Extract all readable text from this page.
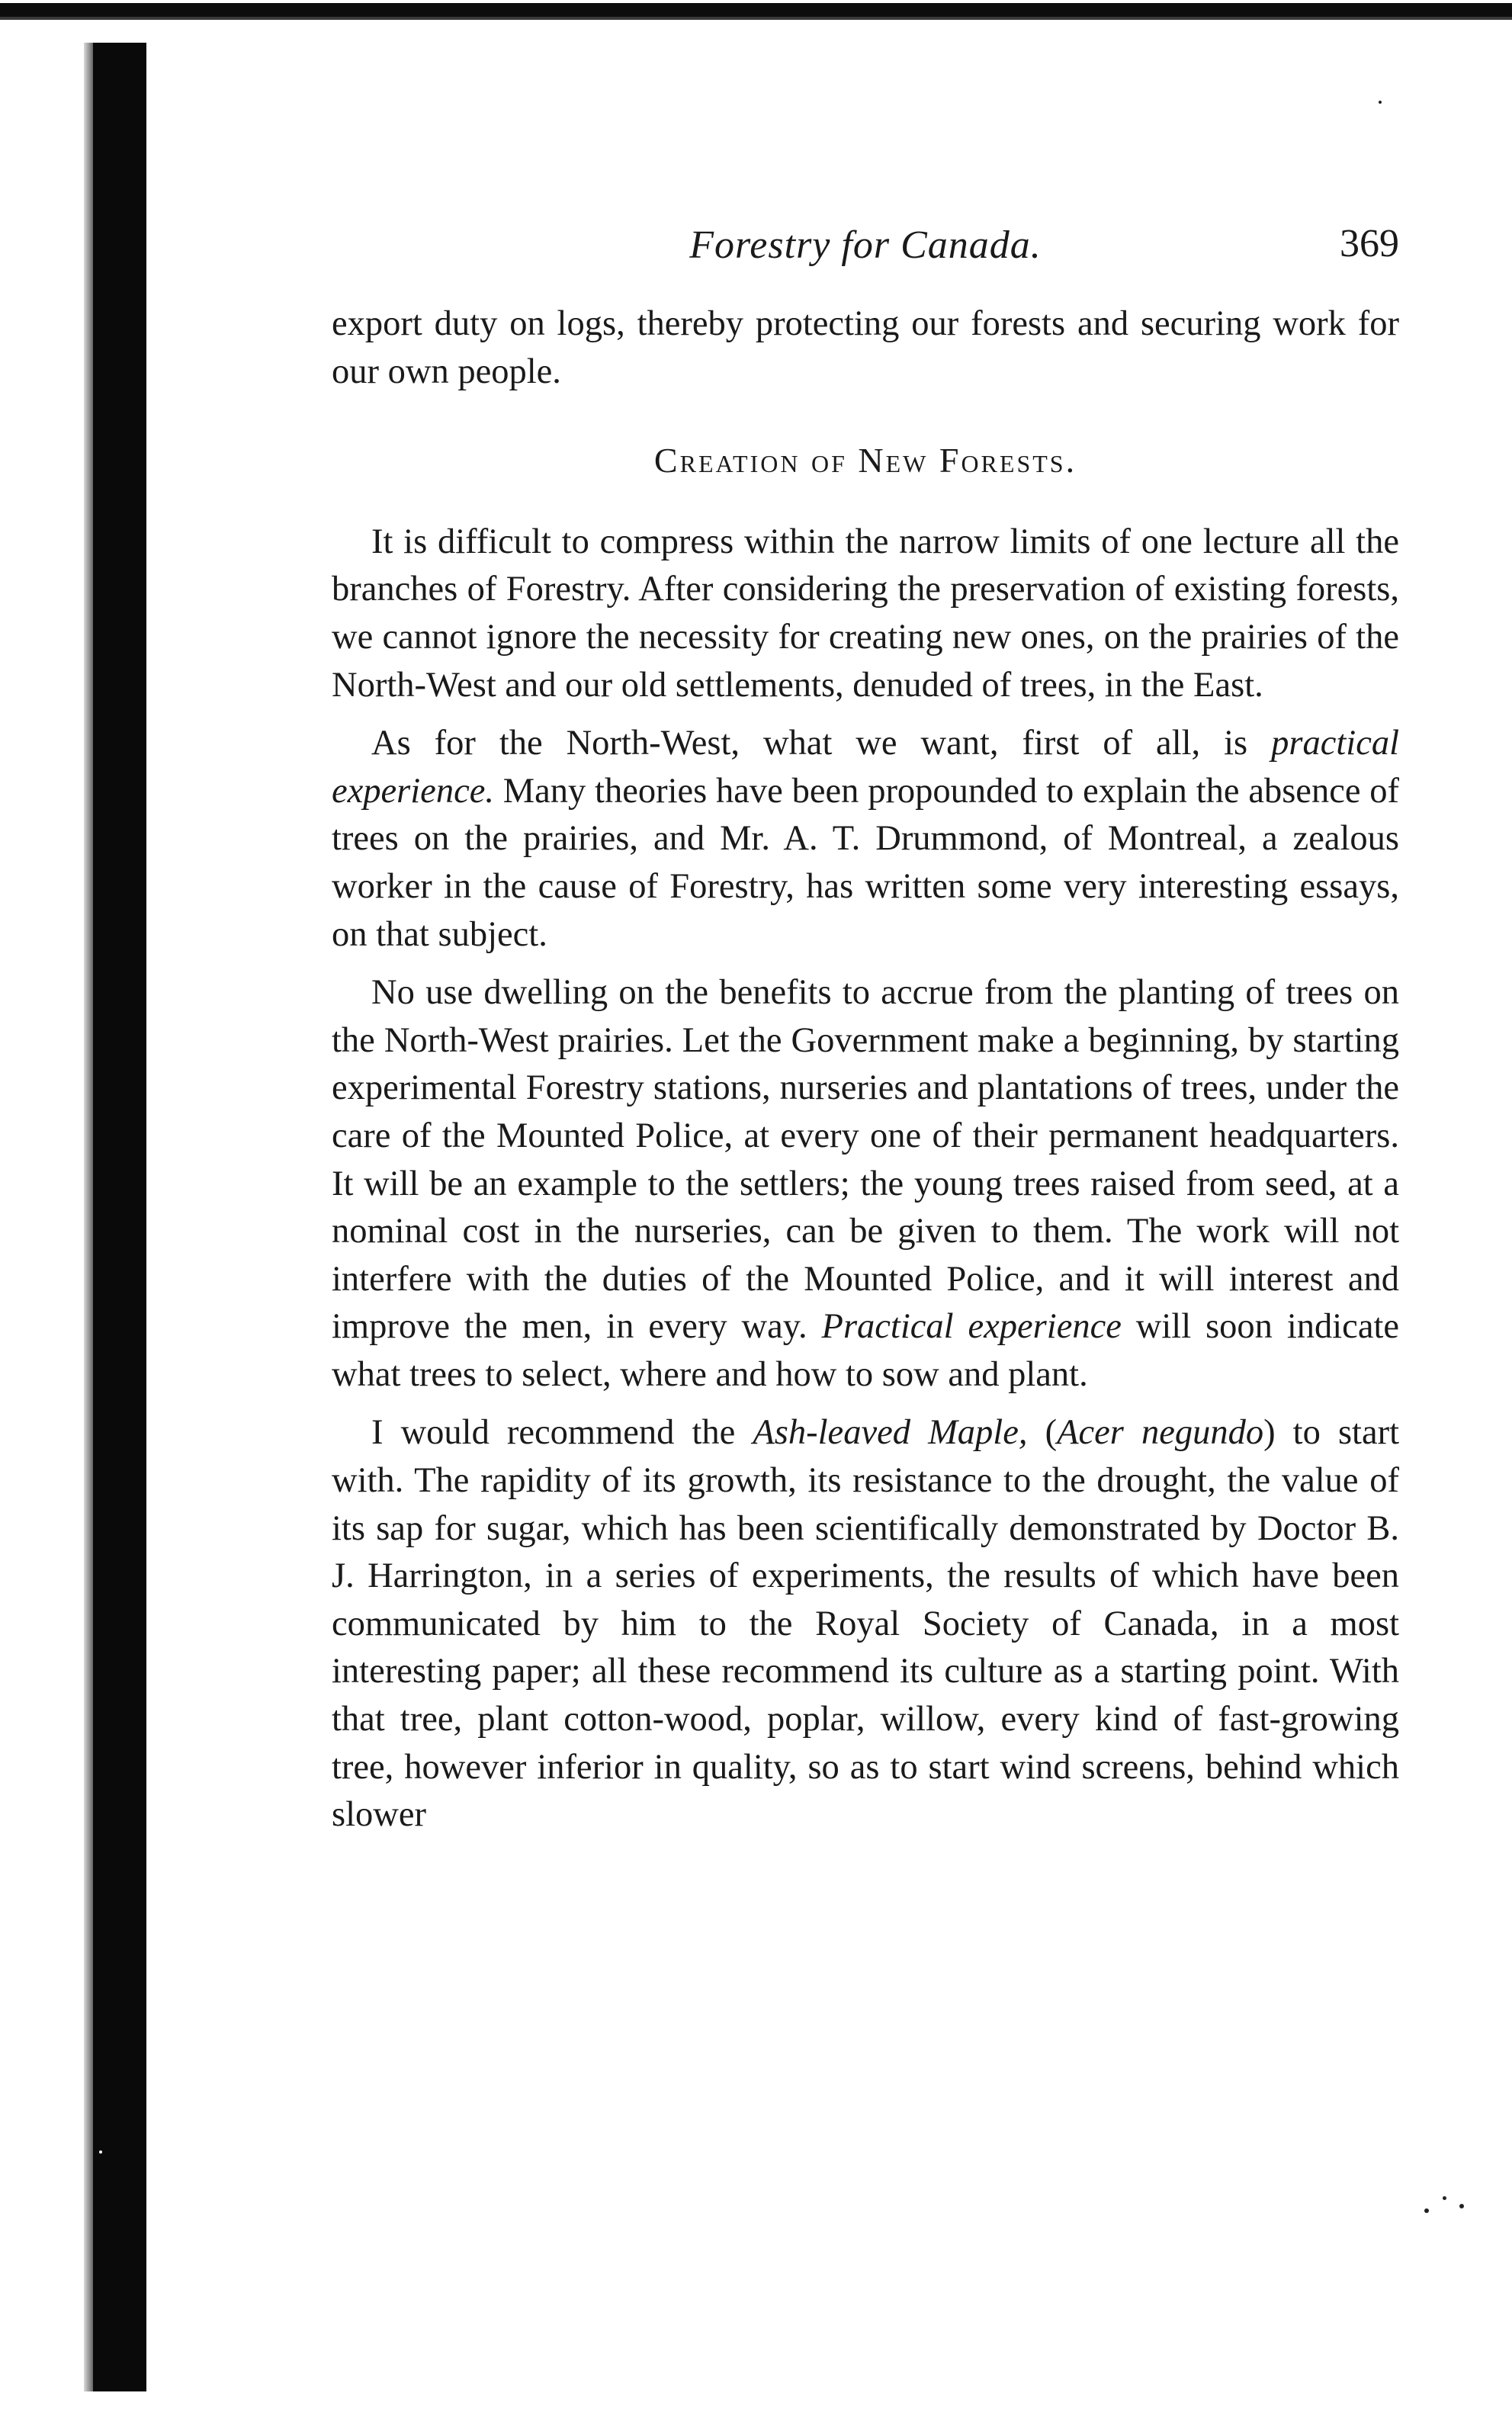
Forestry for Canada.	369

export duty on logs, thereby protecting our forests and securing work for our own people.

Creation of New Forests.

It is difficult to compress within the narrow limits of one lecture all the branches of Forestry. After considering the preservation of existing forests, we cannot ignore the necessity for creating new ones, on the prairies of the North-West and our old settlements, denuded of trees, in the East.

As for the North-West, what we want, first of all, is practical experience. Many theories have been propounded to explain the absence of trees on the prairies, and Mr. A. T. Drummond, of Montreal, a zealous worker in the cause of Forestry, has written some very interesting essays, on that subject.

No use dwelling on the benefits to accrue from the planting of trees on the North-West prairies. Let the Government make a beginning, by starting experimental Forestry stations, nurseries and plantations of trees, under the care of the Mounted Police, at every one of their permanent headquarters. It will be an example to the settlers; the young trees raised from seed, at a nominal cost in the nurseries, can be given to them. The work will not interfere with the duties of the Mounted Police, and it will interest and improve the men, in every way. Practical experience will soon indicate what trees to select, where and how to sow and plant.

I would recommend the Ash-leaved Maple, (Acer negundo) to start with. The rapidity of its growth, its resistance to the drought, the value of its sap for sugar, which has been scientifically demonstrated by Doctor B. J. Harrington, in a series of experiments, the results of which have been communicated by him to the Royal Society of Canada, in a most interesting paper; all these recommend its culture as a starting point. With that tree, plant cotton-wood, poplar, willow, every kind of fast-growing tree, however inferior in quality, so as to start wind screens, behind which slower
